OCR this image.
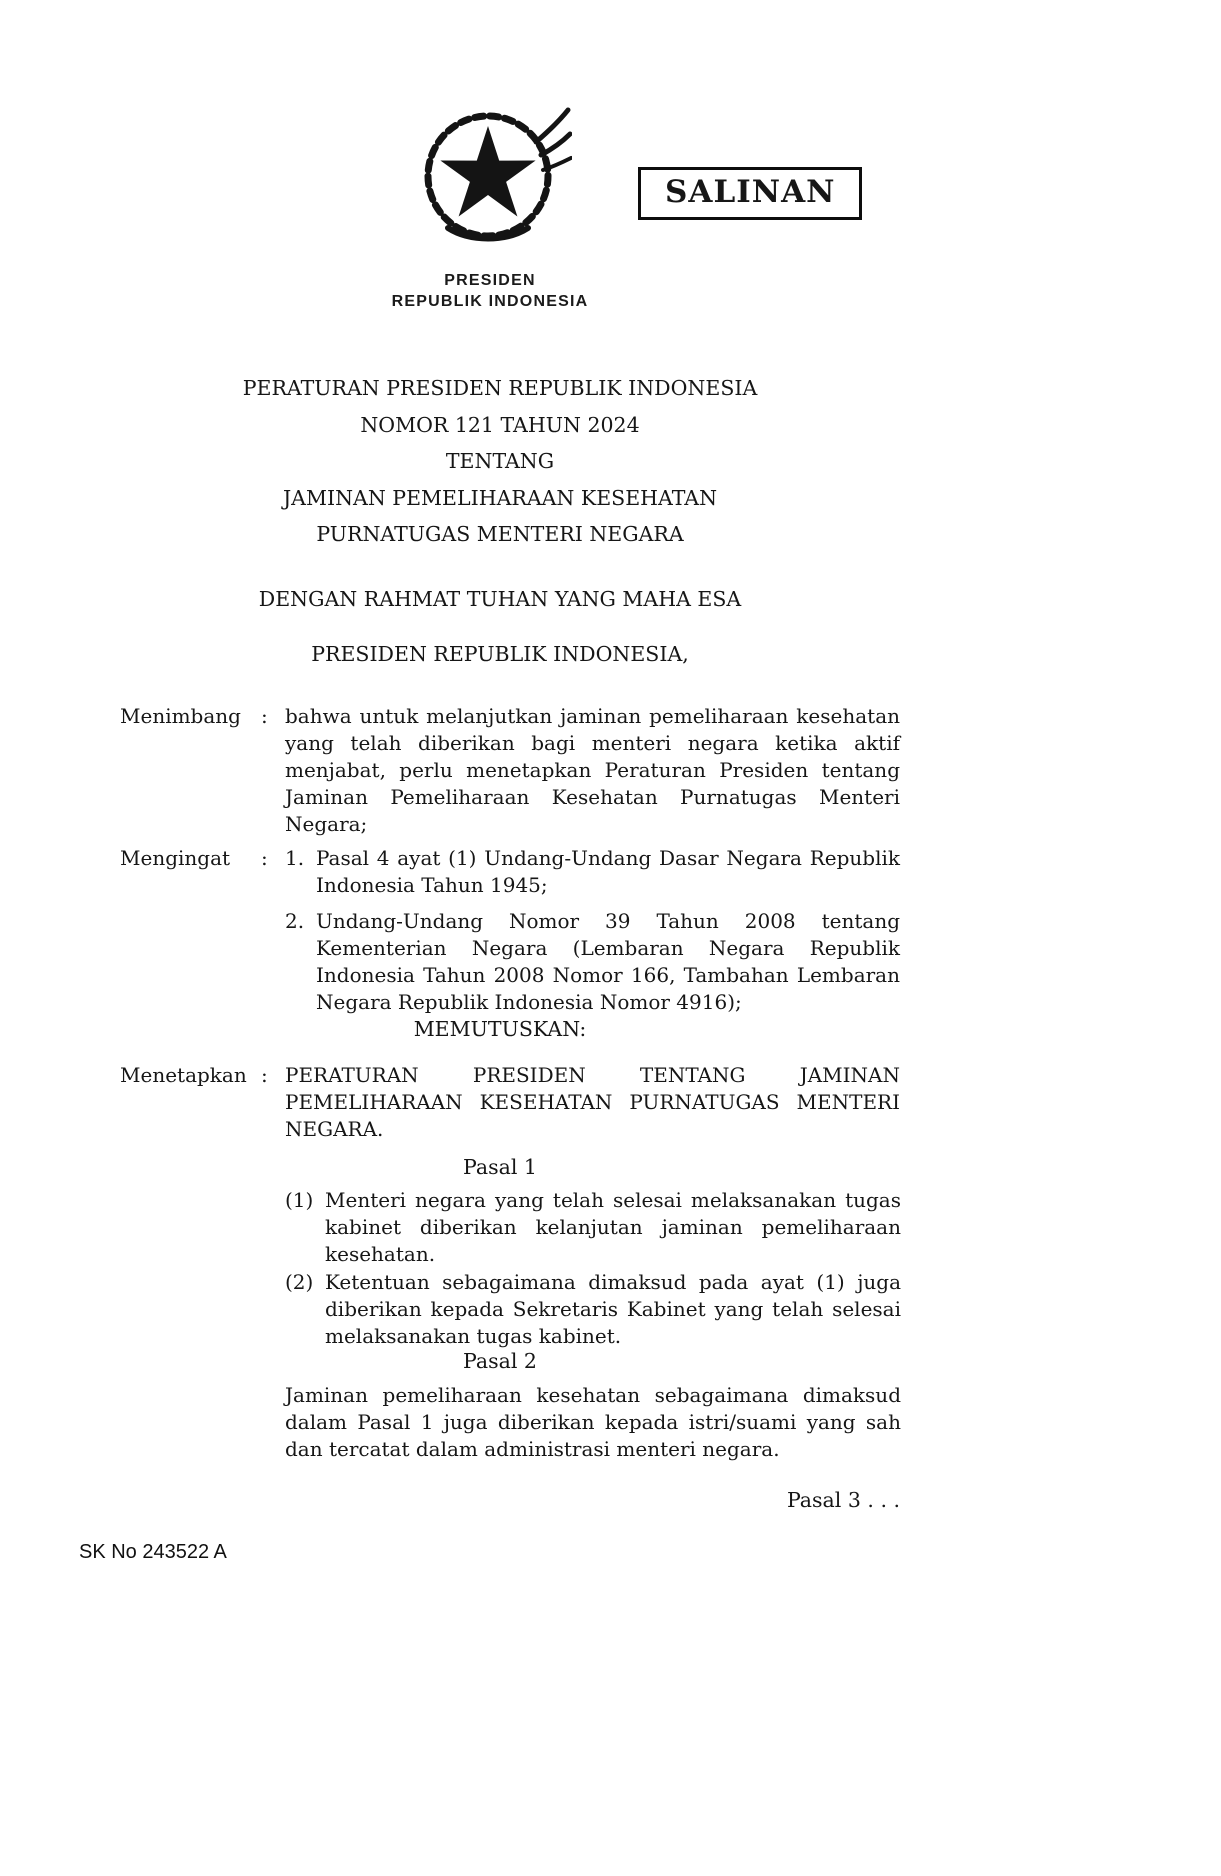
SALINAN
PRESIDEN
REPUBLIK INDONESIA
PERATURAN PRESIDEN REPUBLIK INDONESIA
NOMOR 121 TAHUN 2024
TENTANG
JAMINAN PEMELIHARAAN KESEHATAN
PURNATUGAS MENTERI NEGARA
DENGAN RAHMAT TUHAN YANG MAHA ESA
PRESIDEN REPUBLIK INDONESIA,
Menimbang : bahwa untuk melanjutkan jaminan pemeliharaan kesehatan yang telah diberikan bagi menteri negara ketika aktif menjabat, perlu menetapkan Peraturan Presiden tentang Jaminan Pemeliharaan Kesehatan Purnatugas Menteri Negara;
Mengingat : 1. Pasal 4 ayat (1) Undang-Undang Dasar Negara Republik Indonesia Tahun 1945;
2. Undang-Undang Nomor 39 Tahun 2008 tentang Kementerian Negara (Lembaran Negara Republik Indonesia Tahun 2008 Nomor 166, Tambahan Lembaran Negara Republik Indonesia Nomor 4916);
MEMUTUSKAN:
Menetapkan : PERATURAN PRESIDEN TENTANG JAMINAN PEMELIHARAAN KESEHATAN PURNATUGAS MENTERI NEGARA.
Pasal 1
(1) Menteri negara yang telah selesai melaksanakan tugas kabinet diberikan kelanjutan jaminan pemeliharaan kesehatan.
(2) Ketentuan sebagaimana dimaksud pada ayat (1) juga diberikan kepada Sekretaris Kabinet yang telah selesai melaksanakan tugas kabinet.
Pasal 2
Jaminan pemeliharaan kesehatan sebagaimana dimaksud dalam Pasal 1 juga diberikan kepada istri/suami yang sah dan tercatat dalam administrasi menteri negara.
Pasal 3 . . .
SK No 243522 A
